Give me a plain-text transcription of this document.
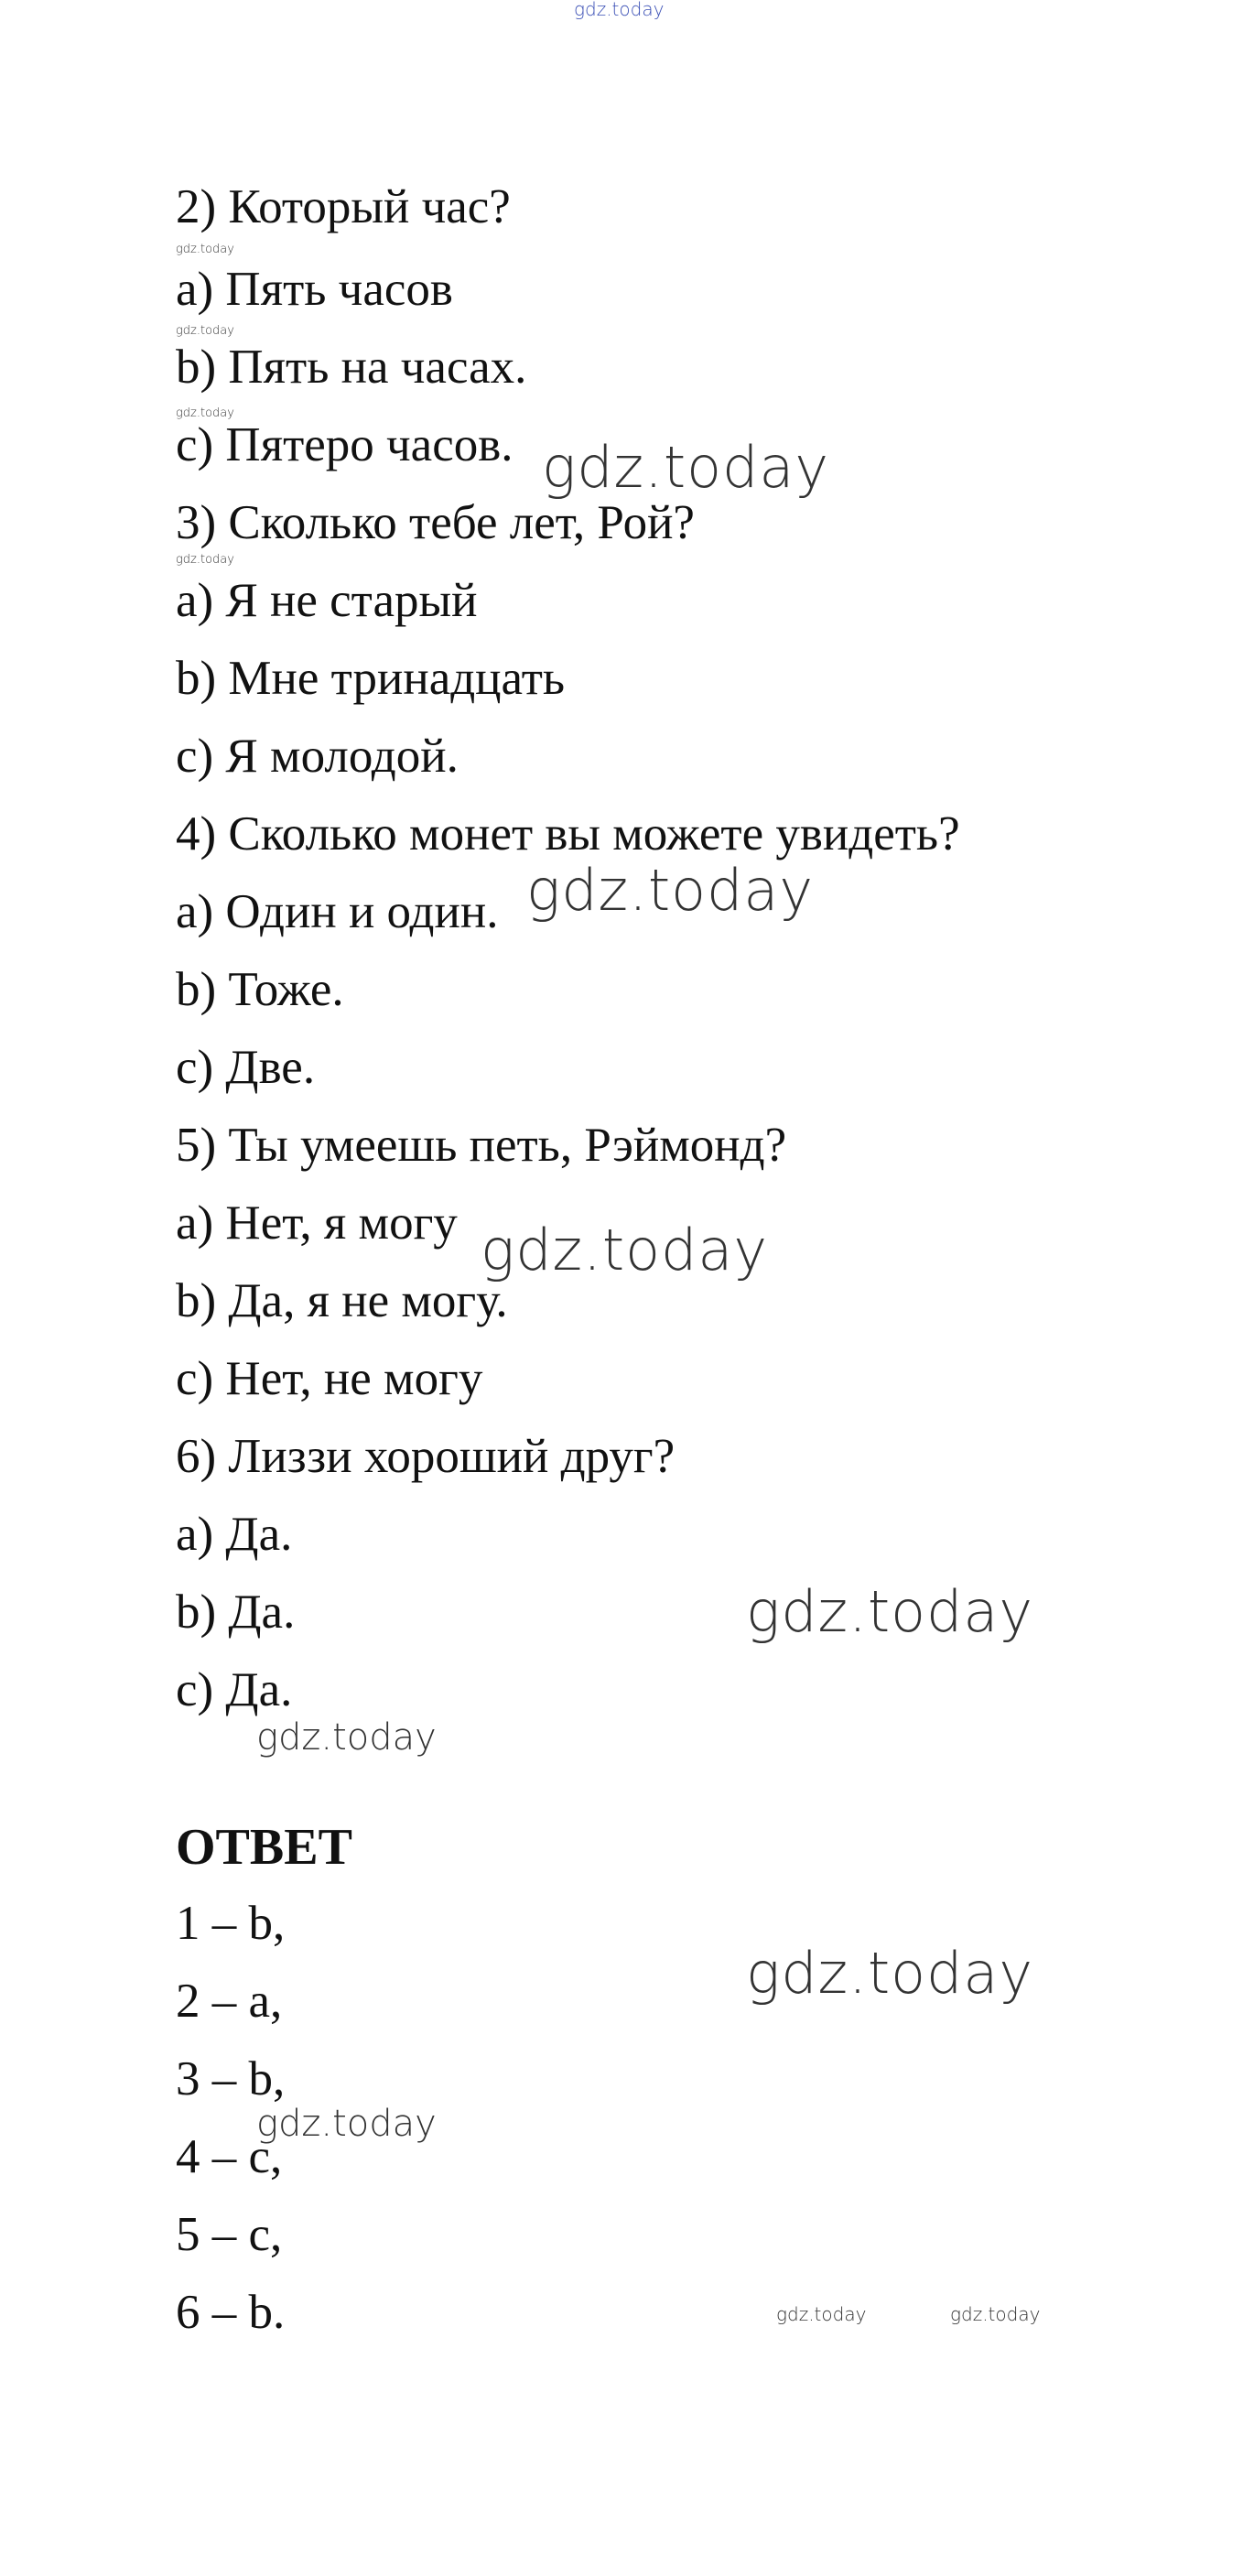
gdz.today
2) Который час?
gdz.today
a) Пять часов
gdz.today
b) Пять на часах.
gdz.today
c) Пятеро часов. gdz.today
3) Сколько тебе лет, Рой?
gdz.today
a) Я не старый
b) Мне тринадцать
c) Я молодой.
4) Сколько монет вы можете увидеть?
a) Один и один. gdz.today
b) Тоже.
c) Две.
5) Ты умеешь петь, Рэймонд?
a) Нет, я могу gdz.today
b) Да, я не могу.
c) Нет, не могу
6) Лиззи хороший друг?
a) Да.
b) Да.	gdz.today
c) Да.
gdz.today
ОТВЕТ
1 – b,
gdz.today
2 – a,
3 – b,
gdz.today
4 – c,
5 – c,
6 – b.	gdz.today	gdz.today
